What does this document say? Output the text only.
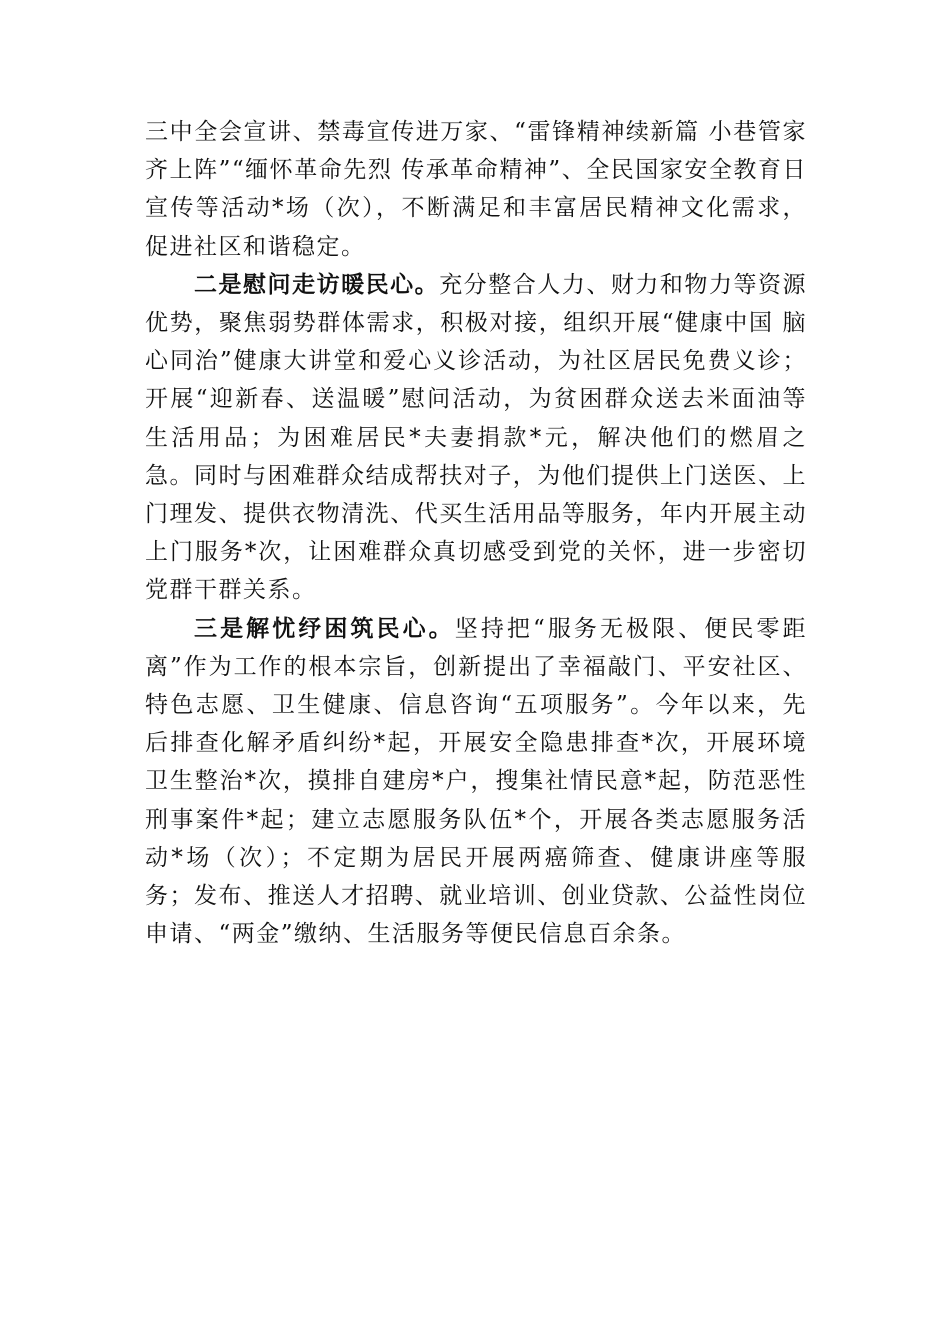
三中全会宣讲、禁毒宣传进万家、“雷锋精神续新篇 小巷管家齐上阵”“缅怀革命先烈 传承革命精神”、全民国家安全教育日宣传等活动*场（次），不断满足和丰富居民精神文化需求，促进社区和谐稳定。

二是慰问走访暖民心。充分整合人力、财力和物力等资源优势，聚焦弱势群体需求，积极对接，组织开展“健康中国 脑心同治”健康大讲堂和爱心义诊活动，为社区居民免费义诊；开展“迎新春、送温暖”慰问活动，为贫困群众送去米面油等生活用品；为困难居民*夫妻捐款*元，解决他们的燃眉之急。同时与困难群众结成帮扶对子，为他们提供上门送医、上门理发、提供衣物清洗、代买生活用品等服务，年内开展主动上门服务*次，让困难群众真切感受到党的关怀，进一步密切党群干群关系。

三是解忧纾困筑民心。坚持把“服务无极限、便民零距离”作为工作的根本宗旨，创新提出了幸福敲门、平安社区、特色志愿、卫生健康、信息咨询“五项服务”。今年以来，先后排查化解矛盾纠纷*起，开展安全隐患排查*次，开展环境卫生整治*次，摸排自建房*户，搜集社情民意*起，防范恶性刑事案件*起；建立志愿服务队伍*个，开展各类志愿服务活动*场（次）；不定期为居民开展两癌筛查、健康讲座等服务；发布、推送人才招聘、就业培训、创业贷款、公益性岗位申请、“两金”缴纳、生活服务等便民信息百余条。
